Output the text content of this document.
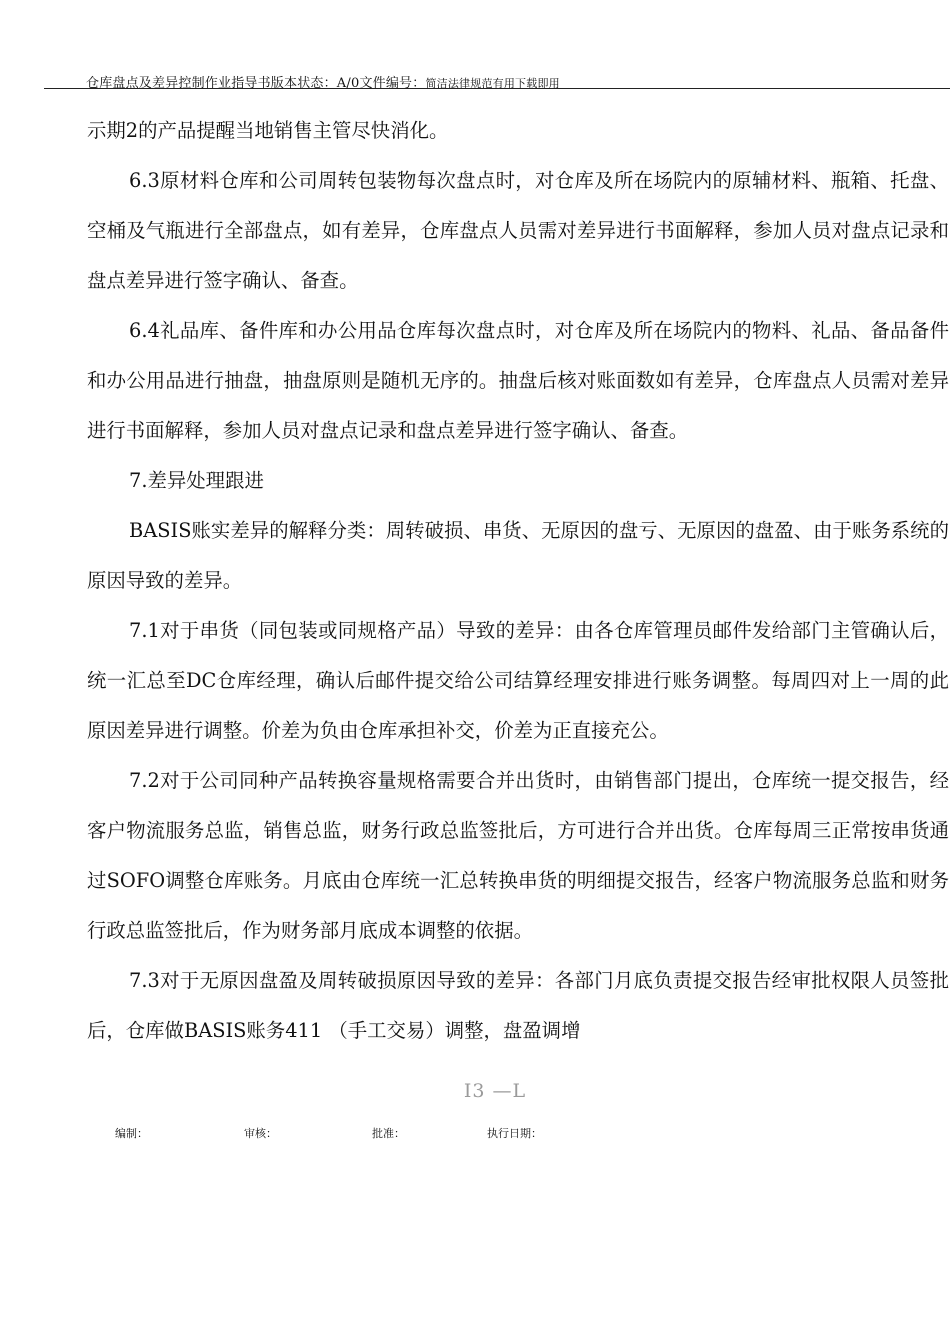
仓库盘点及差异控制作业指导书版本状态：A/0文件编号：简洁法律规范有用下载即用

示期2的产品提醒当地销售主管尽快消化。

6.3原材料仓库和公司周转包装物每次盘点时，对仓库及所在场院内的原辅材料、瓶箱、托盘、空桶及气瓶进行全部盘点，如有差异，仓库盘点人员需对差异进行书面解释，参加人员对盘点记录和盘点差异进行签字确认、备查。

6.4礼品库、备件库和办公用品仓库每次盘点时，对仓库及所在场院内的物料、礼品、备品备件和办公用品进行抽盘，抽盘原则是随机无序的。抽盘后核对账面数如有差异，仓库盘点人员需对差异进行书面解释，参加人员对盘点记录和盘点差异进行签字确认、备查。

7.差异处理跟进

BASIS账实差异的解释分类：周转破损、串货、无原因的盘亏、无原因的盘盈、由于账务系统的原因导致的差异。

7.1对于串货（同包装或同规格产品）导致的差异：由各仓库管理员邮件发给部门主管确认后，统一汇总至DC仓库经理，确认后邮件提交给公司结算经理安排进行账务调整。每周四对上一周的此原因差异进行调整。价差为负由仓库承担补交，价差为正直接充公。

7.2对于公司同种产品转换容量规格需要合并出货时，由销售部门提出，仓库统一提交报告，经客户物流服务总监，销售总监，财务行政总监签批后，方可进行合并出货。仓库每周三正常按串货通过SOFO调整仓库账务。月底由仓库统一汇总转换串货的明细提交报告，经客户物流服务总监和财务行政总监签批后，作为财务部月底成本调整的依据。

7.3对于无原因盘盈及周转破损原因导致的差异：各部门月底负责提交报告经审批权限人员签批后，仓库做BASIS账务411 （手工交易）调整，盘盈调增

I3 —L
编制：	审核：	批准：	执行日期：
